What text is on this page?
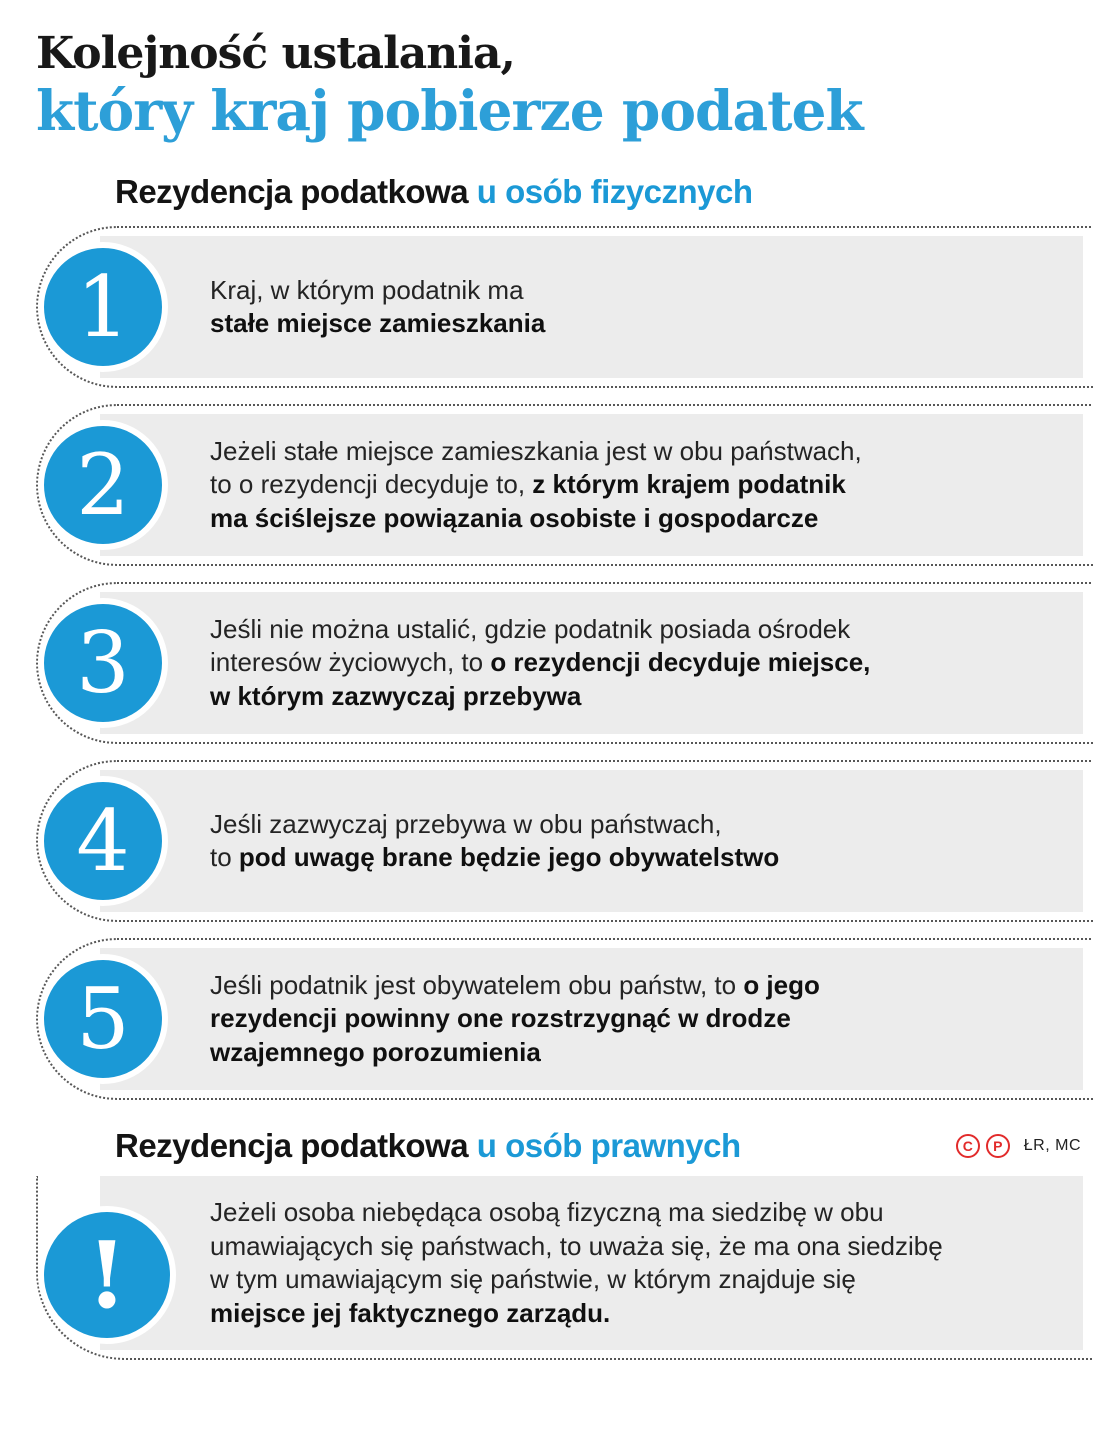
Kolejność ustalania,
który kraj pobierze podatek
Rezydencja podatkowa u osób fizycznych
Kraj, w którym podatnik ma
stałe miejsce zamieszkania
1
Jeżeli stałe miejsce zamieszkania jest w obu państwach,
to o rezydencji decyduje to, z którym krajem podatnik
ma ściślejsze powiązania osobiste i gospodarcze
2
Jeśli nie można ustalić, gdzie podatnik posiada ośrodek
interesów życiowych, to o rezydencji decyduje miejsce,
w którym zazwyczaj przebywa
3
Jeśli zazwyczaj przebywa w obu państwach,
to pod uwagę brane będzie jego obywatelstwo
4
Jeśli podatnik jest obywatelem obu państw, to o jego
rezydencji powinny one rozstrzygnąć w drodze
wzajemnego porozumienia
5
Rezydencja podatkowa u osób prawnych	C	P	ŁR, MC
Jeżeli osoba niebędąca osobą fizyczną ma siedzibę w obu
umawiających się państwach, to uważa się, że ma ona siedzibę
w tym umawiającym się państwie, w którym znajduje się
miejsce jej faktycznego zarządu.
!
